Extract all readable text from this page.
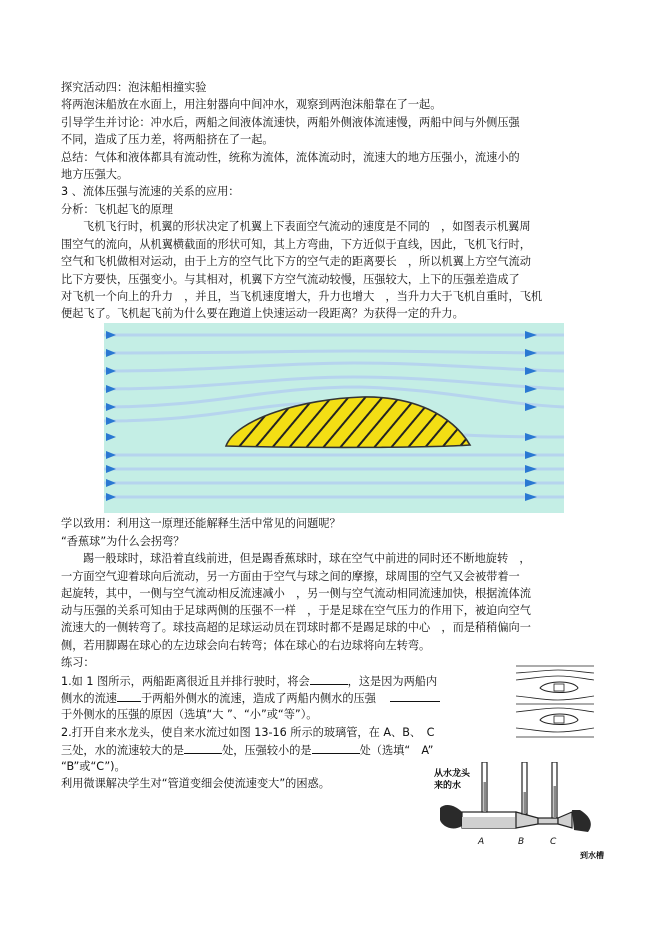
探究活动四：泡沫船相撞实验
将两泡沫船放在水面上，用注射器向中间冲水，观察到两泡沫船靠在了一起。
引导学生并讨论：冲水后，两船之间液体流速快，两船外侧液体流速慢，两船中间与外侧压强
不同，造成了压力差，将两船挤在了一起。
总结：气体和液体都具有流动性，统称为流体，流体流动时，流速大的地方压强小，流速小的
地方压强大。
3 、流体压强与流速的关系的应用：
分析：飞机起飞的原理
飞机飞行时，机翼的形状决定了机翼上下表面空气流动的速度是不同的　，如图表示机翼周
围空气的流向，从机翼横截面的形状可知，其上方弯曲，下方近似于直线，因此，飞机飞行时，
空气和飞机做相对运动，由于上方的空气比下方的空气走的距离要长　，所以机翼上方空气流动
比下方要快，压强变小。与其相对，机翼下方空气流动较慢，压强较大，上下的压强差造成了
对飞机一个向上的升力　，并且，当飞机速度增大，升力也增大　，当升力大于飞机自重时，飞机
便起飞了。飞机起飞前为什么要在跑道上快速运动一段距离？为获得一定的升力。
学以致用：利用这一原理还能解释生活中常见的问题呢？
“香蕉球”为什么会拐弯？
踢一般球时，球沿着直线前进，但是踢香蕉球时，球在空气中前进的同时还不断地旋转　，
一方面空气迎着球向后流动，另一方面由于空气与球之间的摩擦，球周围的空气又会被带着一
起旋转，其中，一侧与空气流动相反流速减小　，另一侧与空气流动相同流速加快，根据流体流
动与压强的关系可知由于足球两侧的压强不一样　，于是足球在空气压力的作用下，被迫向空气
流速大的一侧转弯了。球技高超的足球运动员在罚球时都不是踢足球的中心　，而是稍稍偏向一
侧，若用脚踢在球心的左边球会向右转弯；体在球心的右边球将向左转弯。
练习：
1.如 1 图所示，两船距离很近且并排行驶时，将会	，这是因为两船内
侧水的流速 于两船外侧水的流速，造成了两船内侧水的压强
于外侧水的压强的原因（选填“大 ”、“小”或“等”）。
2.打开自来水龙头，使自来水流过如图 13-16 所示的玻璃管，在 A、B、　C
三处，水的流速较大的是	处，压强较小的是	处（选填“　A”
“B”或“C”)。
利用微课解决学生对“管道变细会使流速变大”的困惑。
从水龙头
来的水
A	B	C
到水槽
